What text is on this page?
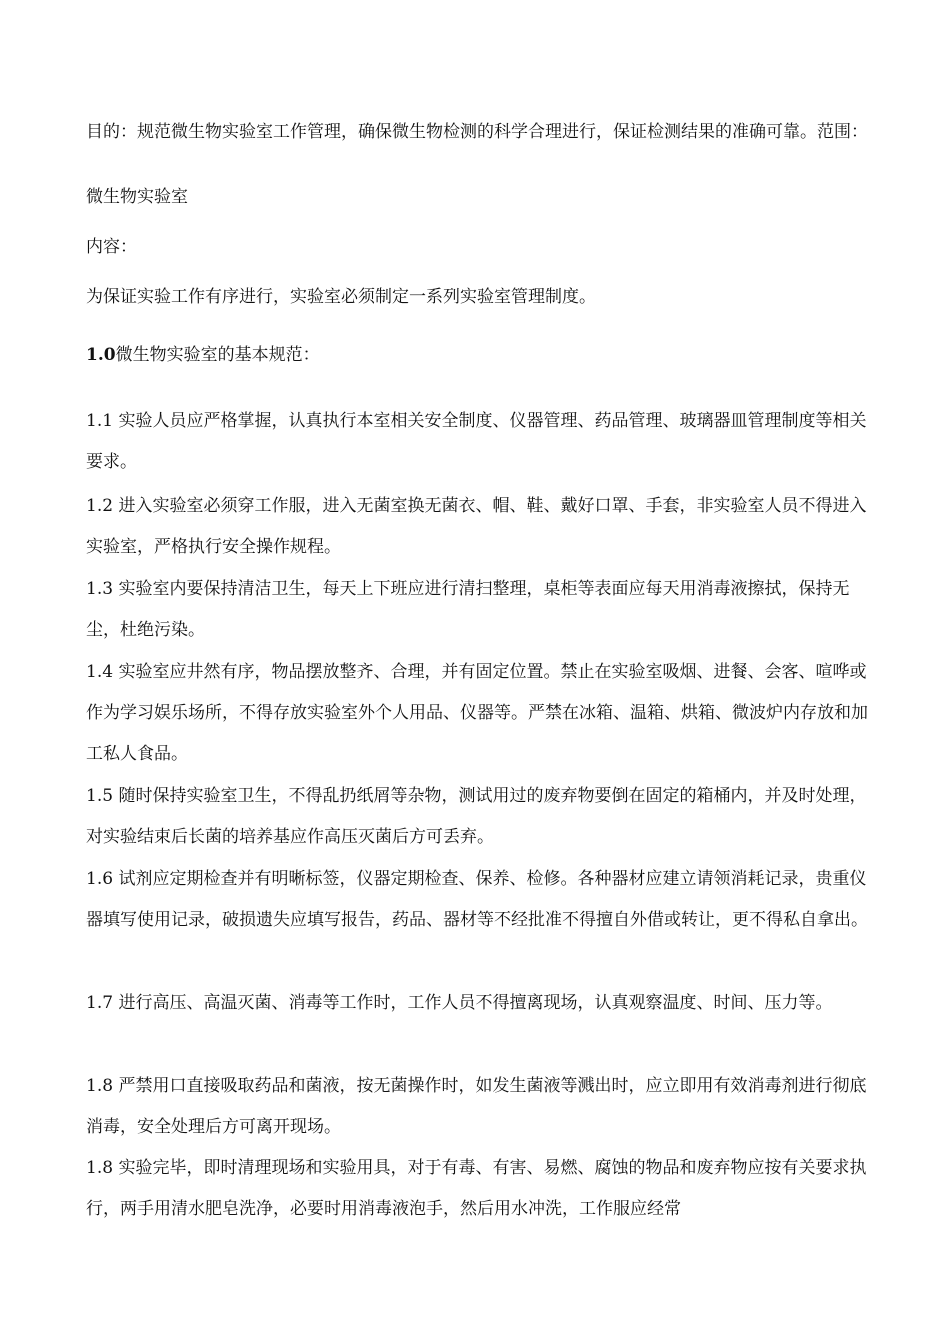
目的：规范微生物实验室工作管理，确保微生物检测的科学合理进行，保证检测结果的准确可靠。范围：

微生物实验室

内容：

为保证实验工作有序进行，实验室必须制定一系列实验室管理制度。

1.0微生物实验室的基本规范：

1.1 实验人员应严格掌握，认真执行本室相关安全制度、仪器管理、药品管理、玻璃器皿管理制度等相关要求。

1.2 进入实验室必须穿工作服，进入无菌室换无菌衣、帽、鞋、戴好口罩、手套，非实验室人员不得进入实验室，严格执行安全操作规程。

1.3 实验室内要保持清洁卫生，每天上下班应进行清扫整理，桌柜等表面应每天用消毒液擦拭，保持无尘，杜绝污染。

1.4 实验室应井然有序，物品摆放整齐、合理，并有固定位置。禁止在实验室吸烟、进餐、会客、喧哗或作为学习娱乐场所，不得存放实验室外个人用品、仪器等。严禁在冰箱、温箱、烘箱、微波炉内存放和加工私人食品。

1.5 随时保持实验室卫生，不得乱扔纸屑等杂物，测试用过的废弃物要倒在固定的箱桶内，并及时处理，对实验结束后长菌的培养基应作高压灭菌后方可丢弃。

1.6 试剂应定期检查并有明晰标签，仪器定期检查、保养、检修。各种器材应建立请领消耗记录，贵重仪器填写使用记录，破损遗失应填写报告，药品、器材等不经批准不得擅自外借或转让，更不得私自拿出。

1.7 进行高压、高温灭菌、消毒等工作时，工作人员不得擅离现场，认真观察温度、时间、压力等。

1.8 严禁用口直接吸取药品和菌液，按无菌操作时，如发生菌液等溅出时，应立即用有效消毒剂进行彻底消毒，安全处理后方可离开现场。

1.8 实验完毕，即时清理现场和实验用具，对于有毒、有害、易燃、腐蚀的物品和废弃物应按有关要求执行，两手用清水肥皂洗净，必要时用消毒液泡手，然后用水冲洗，工作服应经常
